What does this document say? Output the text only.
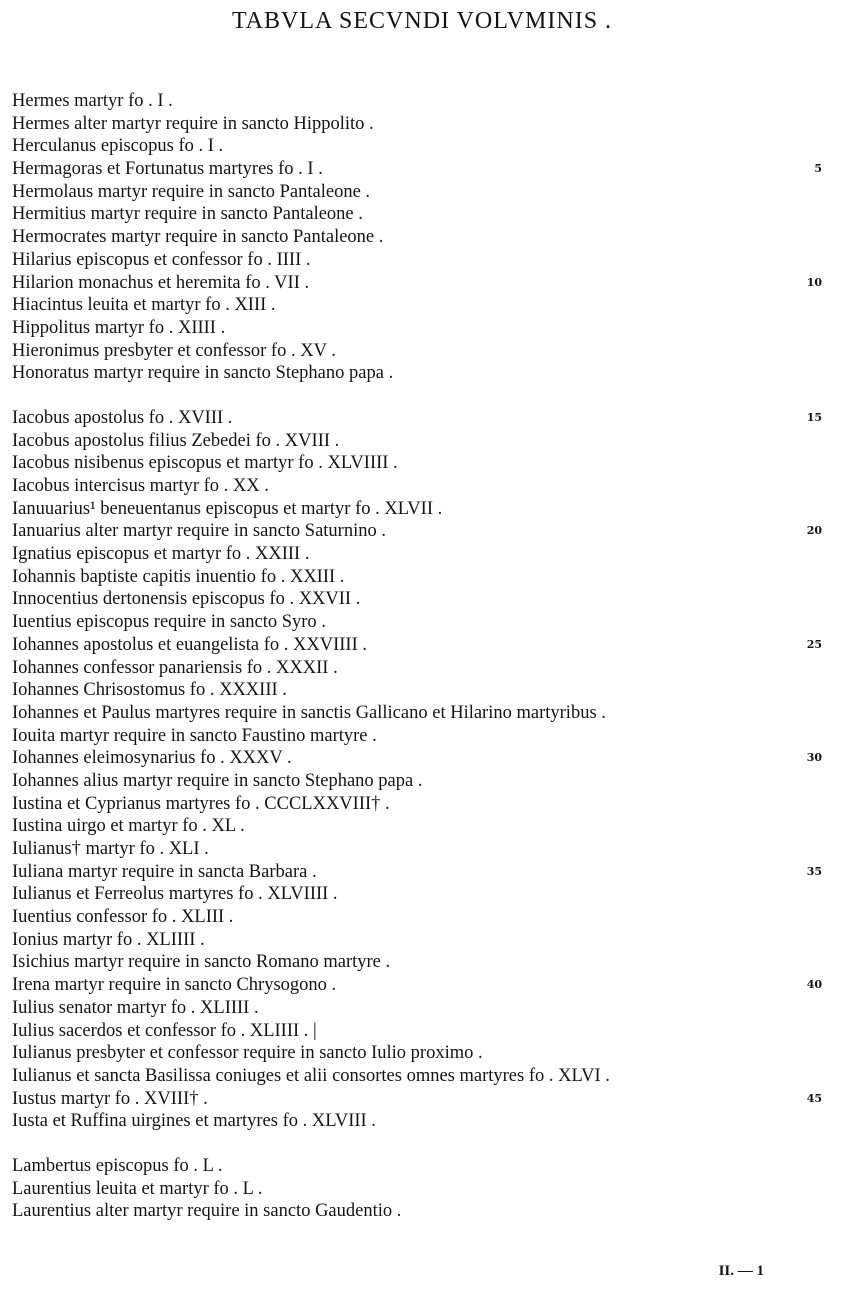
TABVLA SECVNDI VOLVMINIS .
Hermes martyr fo . I .
Hermes alter martyr require in sancto Hippolito .
Herculanus episcopus fo . I .
Hermagoras et Fortunatus martyres fo . I .	5
Hermolaus martyr require in sancto Pantaleone .
Hermitius martyr require in sancto Pantaleone .
Hermocrates martyr require in sancto Pantaleone .
Hilarius episcopus et confessor fo . IIII .
Hilarion monachus et heremita fo . VII .	10
Hiacintus leuita et martyr fo . XIII .
Hippolitus martyr fo . XIIII .
Hieronimus presbyter et confessor fo . XV .
Honoratus martyr require in sancto Stephano papa .
Iacobus apostolus fo . XVIII .	15
Iacobus apostolus filius Zebedei fo . XVIII .
Iacobus nisibenus episcopus et martyr fo . XLVIIII .
Iacobus intercisus martyr fo . XX .
Ianuuarius¹ beneuentanus episcopus et martyr fo . XLVII .
Ianuarius alter martyr require in sancto Saturnino .	20
Ignatius episcopus et martyr fo . XXIII .
Iohannis baptiste capitis inuentio fo . XXIII .
Innocentius dertonensis episcopus fo . XXVII .
Iuentius episcopus require in sancto Syro .
Iohannes apostolus et euangelista fo . XXVIIII .	25
Iohannes confessor panariensis fo . XXXII .
Iohannes Chrisostomus fo . XXXIII .
Iohannes et Paulus martyres require in sanctis Gallicano et Hilarino martyribus .
Iouita martyr require in sancto Faustino martyre .
Iohannes eleimosynarius fo . XXXV .	30
Iohannes alius martyr require in sancto Stephano papa .
Iustina et Cyprianus martyres fo . CCCLXXVIII† .
Iustina uirgo et martyr fo . XL .
Iulianus† martyr fo . XLI .
Iuliana martyr require in sancta Barbara .	35
Iulianus et Ferreolus martyres fo . XLVIIII .
Iuentius confessor fo . XLIII .
Ionius martyr fo . XLIIII .
Isichius martyr require in sancto Romano martyre .
Irena martyr require in sancto Chrysogono .	40
Iulius senator martyr fo . XLIIII .
Iulius sacerdos et confessor fo . XLIIII . |
Iulianus presbyter et confessor require in sancto Iulio proximo .
Iulianus et sancta Basilissa coniuges et alii consortes omnes martyres fo . XLVI .
Iustus martyr fo . XVIII† .	45
Iusta et Ruffina uirgines et martyres fo . XLVIII .
Lambertus episcopus fo . L .
Laurentius leuita et martyr fo . L .
Laurentius alter martyr require in sancto Gaudentio .
II. — 1
